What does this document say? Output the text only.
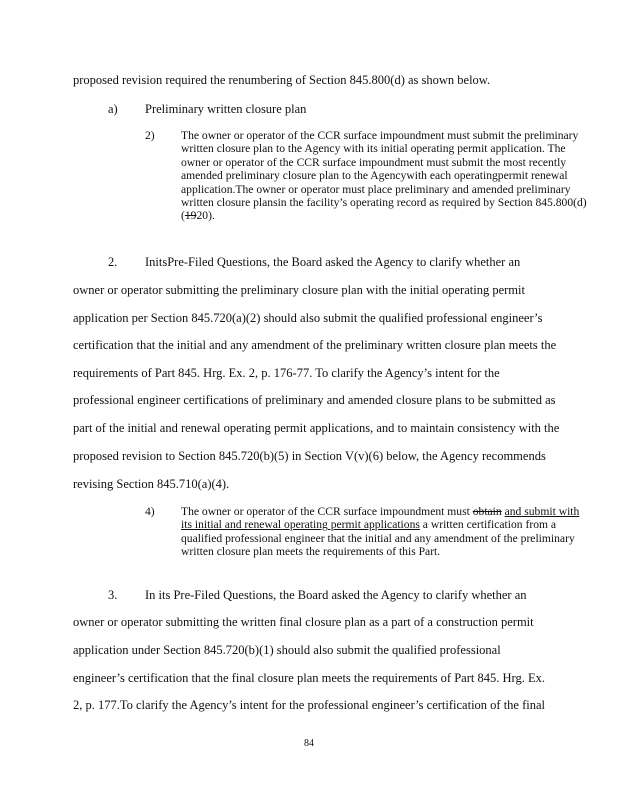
proposed revision required the renumbering of Section 845.800(d) as shown below.
a) Preliminary written closure plan
2) The owner or operator of the CCR surface impoundment must submit the preliminary written closure plan to the Agency with its initial operating permit application. The owner or operator of the CCR surface impoundment must submit the most recently amended preliminary closure plan to the Agencywith each operatingpermit renewal application.The owner or operator must place preliminary and amended preliminary written closure plansin the facility’s operating record as required by Section 845.800(d)(1920).

2. InitsPre-Filed Questions, the Board asked the Agency to clarify whether an
owner or operator submitting the preliminary closure plan with the initial operating permit
application per Section 845.720(a)(2) should also submit the qualified professional engineer’s
certification that the initial and any amendment of the preliminary written closure plan meets the
requirements of Part 845. Hrg. Ex. 2, p. 176-77. To clarify the Agency’s intent for the
professional engineer certifications of preliminary and amended closure plans to be submitted as
part of the initial and renewal operating permit applications, and to maintain consistency with the
proposed revision to Section 845.720(b)(5) in Section V(v)(6) below, the Agency recommends
revising Section 845.710(a)(4).
4) The owner or operator of the CCR surface impoundment must obtain and submit with its initial and renewal operating permit applications a written certification from a qualified professional engineer that the initial and any amendment of the preliminary written closure plan meets the requirements of this Part.

3. In its Pre-Filed Questions, the Board asked the Agency to clarify whether an
owner or operator submitting the written final closure plan as a part of a construction permit
application under Section 845.720(b)(1) should also submit the qualified professional
engineer’s certification that the final closure plan meets the requirements of Part 845. Hrg. Ex.
2, p. 177.To clarify the Agency’s intent for the professional engineer’s certification of the final
84
